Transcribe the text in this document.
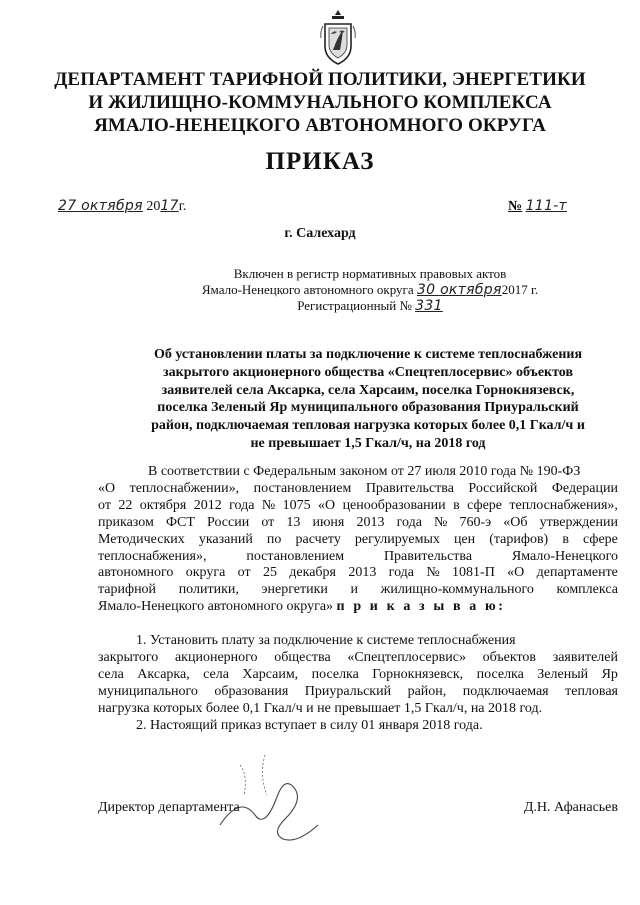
ДЕПАРТАМЕНТ ТАРИФНОЙ ПОЛИТИКИ, ЭНЕРГЕТИКИ
И ЖИЛИЩНО-КОММУНАЛЬНОГО КОМПЛЕКСА
ЯМАЛО-НЕНЕЦКОГО АВТОНОМНОГО ОКРУГА
ПРИКАЗ
27 октября 2017г.	№ 111-т
г. Салехард
Включен в регистр нормативных правовых актов
Ямало-Ненецкого автономного округа 30 октября2017 г.
Регистрационный № 331
Об установлении платы за подключение к системе теплоснабжения
закрытого акционерного общества «Спецтеплосервис» объектов
заявителей села Аксарка, села Харсаим, поселка Горнокнязевск,
поселка Зеленый Яр муниципального образования Приуральский
район, подключаемая тепловая нагрузка которых более 0,1 Гкал/ч и
не превышает 1,5 Гкал/ч, на 2018 год
В соответствии с Федеральным законом от 27 июля 2010 года № 190-ФЗ
«О теплоснабжении», постановлением Правительства Российской Федерации
от 22 октября 2012 года № 1075 «О ценообразовании в сфере теплоснабжения»,
приказом ФСТ России от 13 июня 2013 года № 760-э «Об утверждении
Методических указаний по расчету регулируемых цен (тарифов) в сфере
теплоснабжения»,	постановлением	Правительства	Ямало-Ненецкого
автономного округа от 25 декабря 2013 года № 1081-П «О департаменте
тарифной политики, энергетики и жилищно-коммунального комплекса
Ямало-Ненецкого автономного округа» п р и к а з ы в а ю:
1. Установить плату за подключение к системе теплоснабжения
закрытого акционерного общества «Спецтеплосервис» объектов заявителей
села Аксарка, села Харсаим, поселка Горнокнязевск, поселка Зеленый Яр
муниципального образования Приуральский район, подключаемая тепловая
нагрузка которых более 0,1 Гкал/ч и не превышает 1,5 Гкал/ч, на 2018 год.
2. Настоящий приказ вступает в силу 01 января 2018 года.
Директор департамента	Д.Н. Афанасьев
